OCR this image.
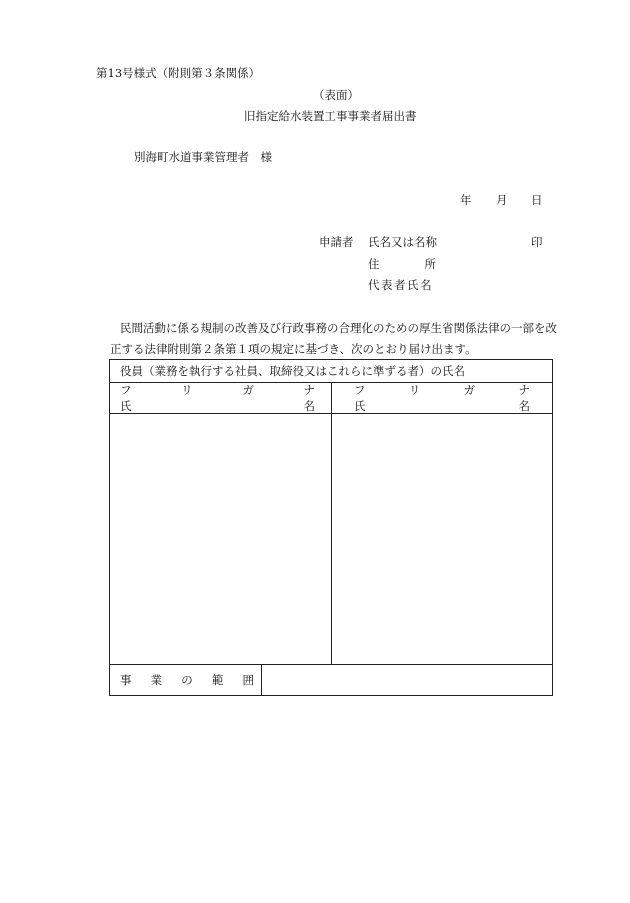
第13号様式（附則第３条関係）
（表面）
旧指定給水装置工事事業者届出書
別海町水道事業管理者　様
年 月 日
申請者 氏名又は名称	印
住	所
代表者氏名
民間活動に係る規制の改善及び行政事務の合理化のための厚生省関係法律の一部を改
正する法律附則第２条第１項の規定に基づき、次のとおり届け出ます。
役員（業務を執行する社員、取締役又はこれらに準ずる者）の氏名
フ	リ	ガ	ナ
氏	名
フ	リ	ガ	ナ
氏	名
事 業 の 範 囲
